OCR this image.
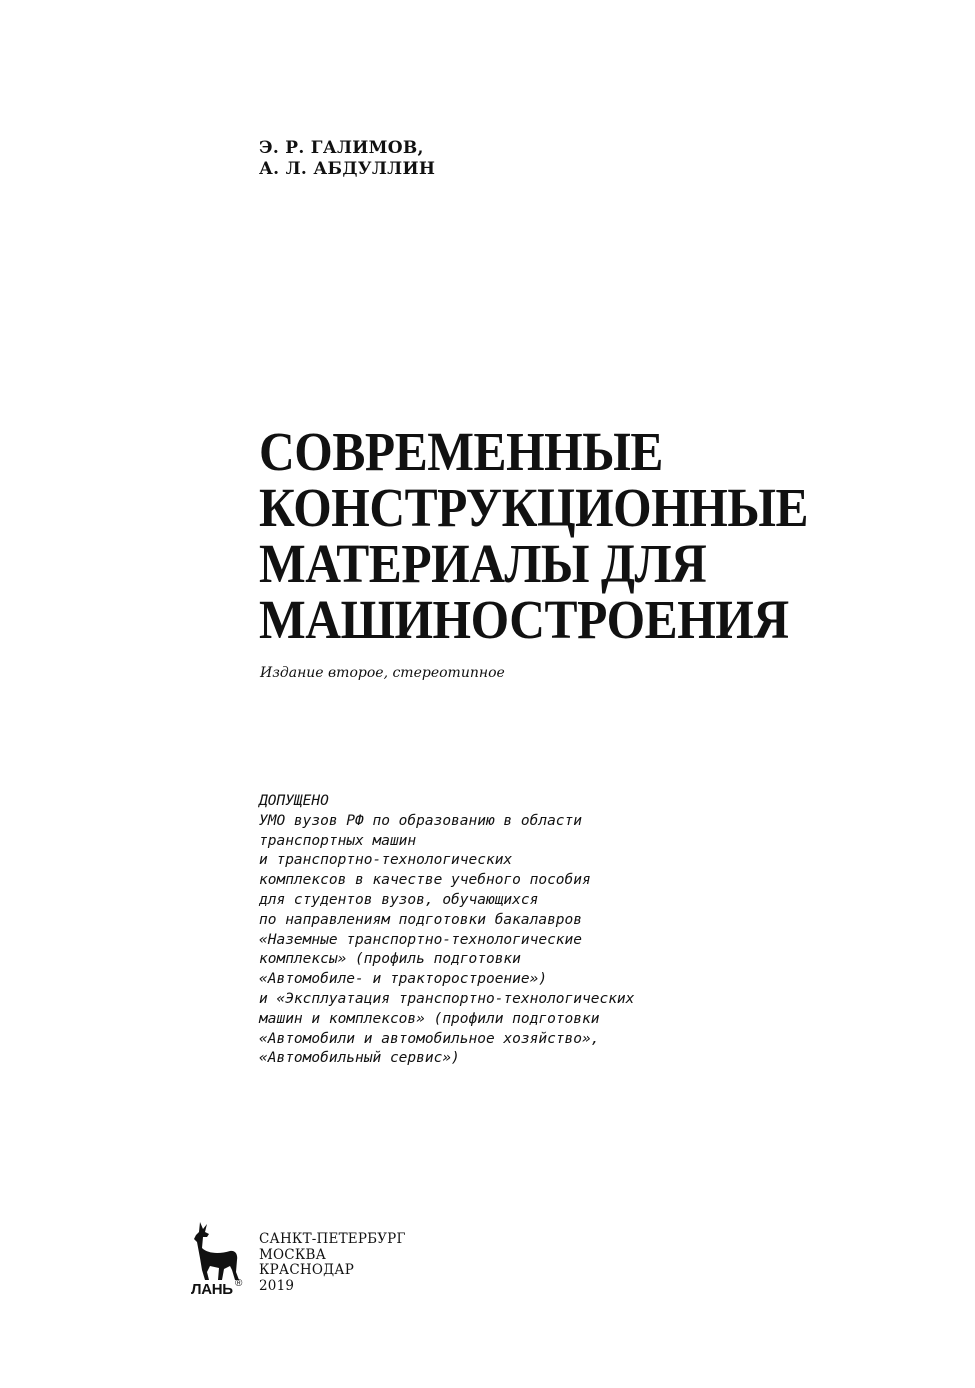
Э. Р. ГАЛИМОВ,
А. Л. АБДУЛЛИН
СОВРЕМЕННЫЕ
КОНСТРУКЦИОННЫЕ
МАТЕРИАЛЫ ДЛЯ
МАШИНОСТРОЕНИЯ
Издание второе, стереотипное
ДОПУЩЕНО
УМО вузов РФ по образованию в области
транспортных машин
и транспортно-технологических
комплексов в качестве учебного пособия
для студентов вузов, обучающихся
по направлениям подготовки бакалавров
«Наземные транспортно-технологические
комплексы» (профиль подготовки
«Автомобиле- и тракторостроение»)
и «Эксплуатация транспортно-технологических
машин и комплексов» (профили подготовки
«Автомобили и автомобильное хозяйство»,
«Автомобильный сервис»)
ЛАНЬ ®
САНКТ-ПЕТЕРБУРГ
МОСКВА
КРАСНОДАР
2019
